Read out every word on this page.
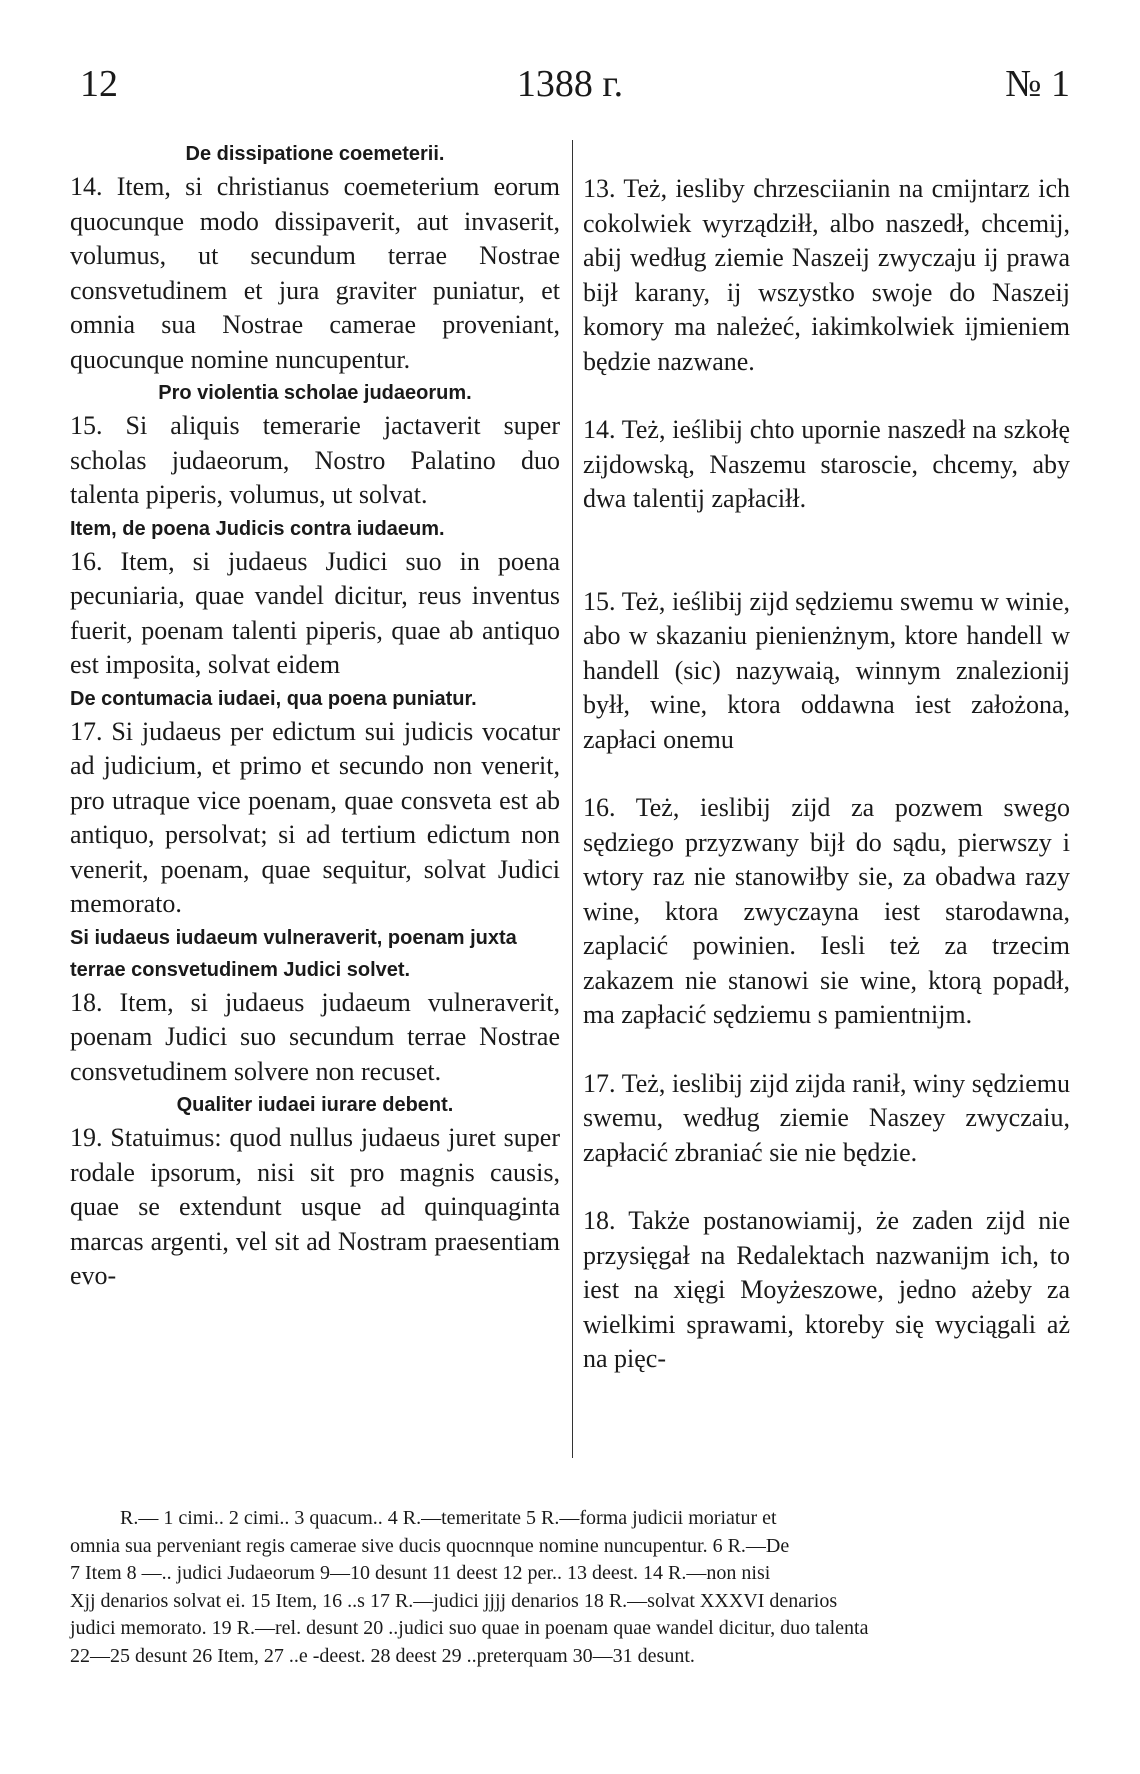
12	1388 г.	№ 1

De dissipatione coemeterii.

14. Item, si christianus coemeterium eorum quocunque modo dissipaverit, aut invaserit, volumus, ut secundum terrae Nostrae consvetudinem et jura graviter puniatur, et omnia sua Nostrae camerae proveniant, quocunque nomine nuncupentur.

Pro violentia scholae judaeorum.

15. Si aliquis temerarie jactaverit super scholas judaeorum, Nostro Palatino duo talenta piperis, volumus, ut solvat.

Item, de poena Judicis contra iudaeum.

16. Item, si judaeus Judici suo in poena pecuniaria, quae vandel dicitur, reus inventus fuerit, poenam talenti piperis, quae ab antiquo est imposita, solvat eidem

De contumacia iudaei, qua poena puniatur.

17. Si judaeus per edictum sui judicis vocatur ad judicium, et primo et secundo non venerit, pro utraque vice poenam, quae consveta est ab antiquo, persolvat; si ad tertium edictum non venerit, poenam, quae sequitur, solvat Judici memorato.

Si iudaeus iudaeum vulneraverit, poenam juxta terrae consvetudinem Judici solvet.

18. Item, si judaeus judaeum vulneraverit, poenam Judici suo secundum terrae Nostrae consvetudinem solvere non recuset.

Qualiter iudaei iurare debent.

19. Statuimus: quod nullus judaeus juret super rodale ipsorum, nisi sit pro magnis causis, quae se extendunt usque ad quinquaginta marcas argenti, vel sit ad Nostram praesentiam evo-

13. Też, iesliby chrzesciianin na cmijntarz ich cokolwiek wyrządziłł, albo naszedł, chcemij, abij według ziemie Naszeij zwyczaju ij prawa bijł karany, ij wszystko swoje do Naszeij komory ma należeć, iakimkolwiek ijmieniem będzie nazwane.

14. Też, ieślibij chto upornie naszedł na szkołę zijdowską, Naszemu staroscie, chcemy, aby dwa talentij zapłaciłł.

15. Też, ieślibij zijd sędziemu swemu w winie, abo w skazaniu pienienżnym, ktore handell w handell (sic) nazywaią, winnym znalezionij byłł, wine, ktora oddawna iest założona, zapłaci onemu

16. Też, ieslibij zijd za pozwem swego sędziego przyzwany bijł do sądu, pierwszy i wtory raz nie stanowiłby sie, za obadwa razy wine, ktora zwyczayna iest starodawna, zaplacić powinien. Iesli też za trzecim zakazem nie stanowi sie wine, ktorą popadł, ma zapłacić sędziemu s pamientnijm.

17. Też, ieslibij zijd zijda ranił, winy sędziemu swemu, według ziemie Naszey zwyczaiu, zapłacić zbraniać sie nie będzie.

18. Także postanowiamij, że zaden zijd nie przysięgał na Redalektach nazwanijm ich, to iest na xięgi Moyżeszowe, jedno ażeby za wielkimi sprawami, ktoreby się wyciągali aż na pięc-

R.— 1 cimi.. 2 cimi.. 3 quacum.. 4 R.—temeritate 5 R.—forma judicii moriatur et

omnia sua perveniant regis camerae sive ducis quocnnque nomine nuncupentur. 6 R.—De

7 Item 8 —.. judici Judaeorum 9—10 desunt 11 deest 12 per.. 13 deest. 14 R.—non nisi

Xjj denarios solvat ei. 15 Item, 16 ..s 17 R.—judici jjjj denarios 18 R.—solvat XXXVI denarios

judici memorato. 19 R.—rel. desunt 20 ..judici suo quae in poenam quae wandel dicitur, duo talenta

22—25 desunt 26 Item, 27 ..e -deest. 28 deest 29 ..preterquam 30—31 desunt.
